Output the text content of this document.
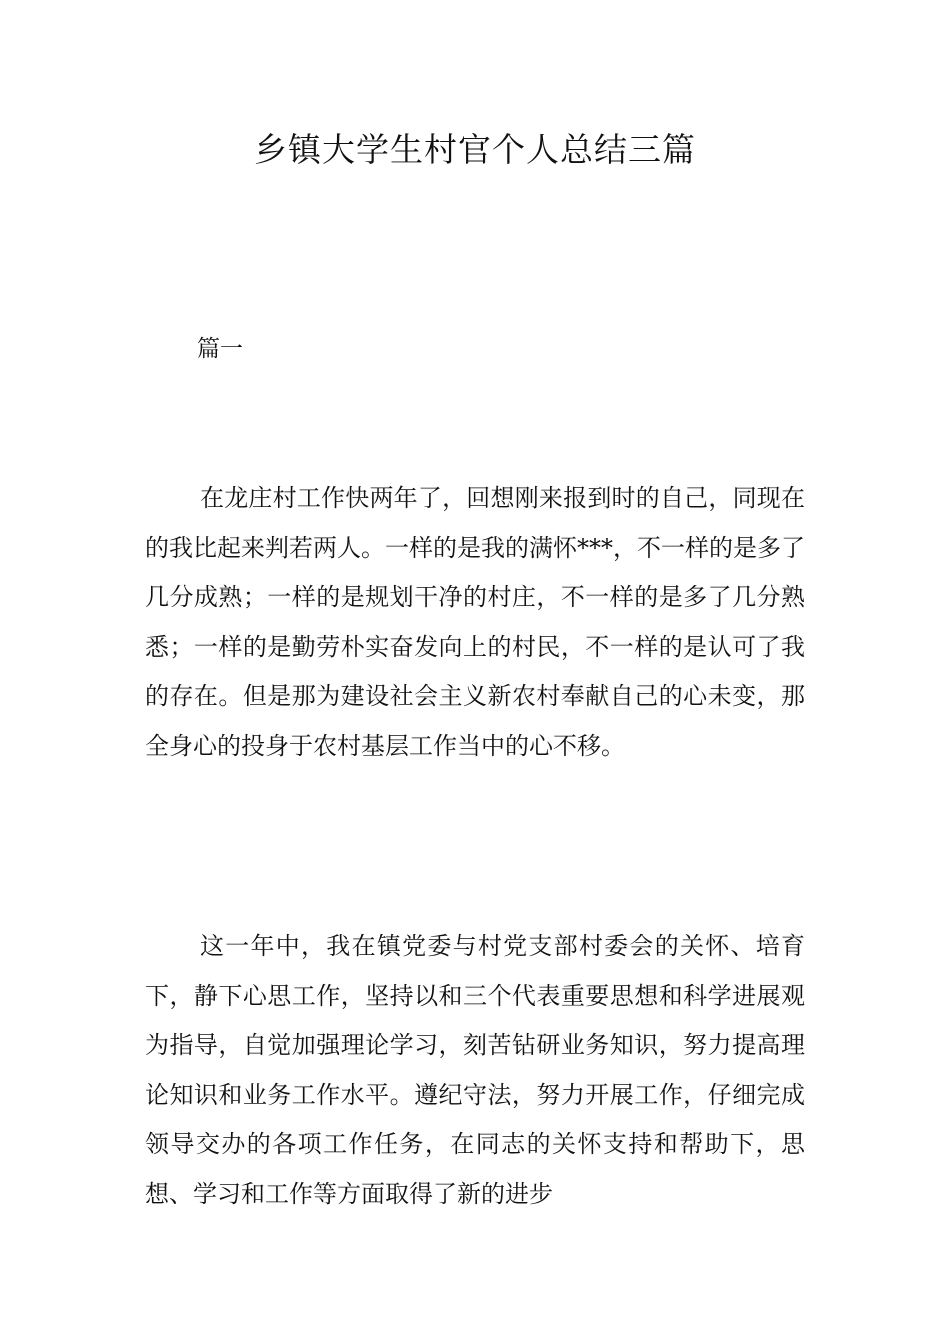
乡镇大学生村官个人总结三篇
篇一

在龙庄村工作快两年了，回想刚来报到时的自己，同现在的我比起来判若两人。一样的是我的满怀***，不一样的是多了几分成熟；一样的是规划干净的村庄，不一样的是多了几分熟悉；一样的是勤劳朴实奋发向上的村民，不一样的是认可了我的存在。但是那为建设社会主义新农村奉献自己的心未变，那全身心的投身于农村基层工作当中的心不移。

这一年中，我在镇党委与村党支部村委会的关怀、培育下，静下心思工作，坚持以和三个代表重要思想和科学进展观为指导，自觉加强理论学习，刻苦钻研业务知识，努力提高理论知识和业务工作水平。遵纪守法，努力开展工作，仔细完成领导交办的各项工作任务，在同志的关怀支持和帮助下，思想、学习和工作等方面取得了新的进步
